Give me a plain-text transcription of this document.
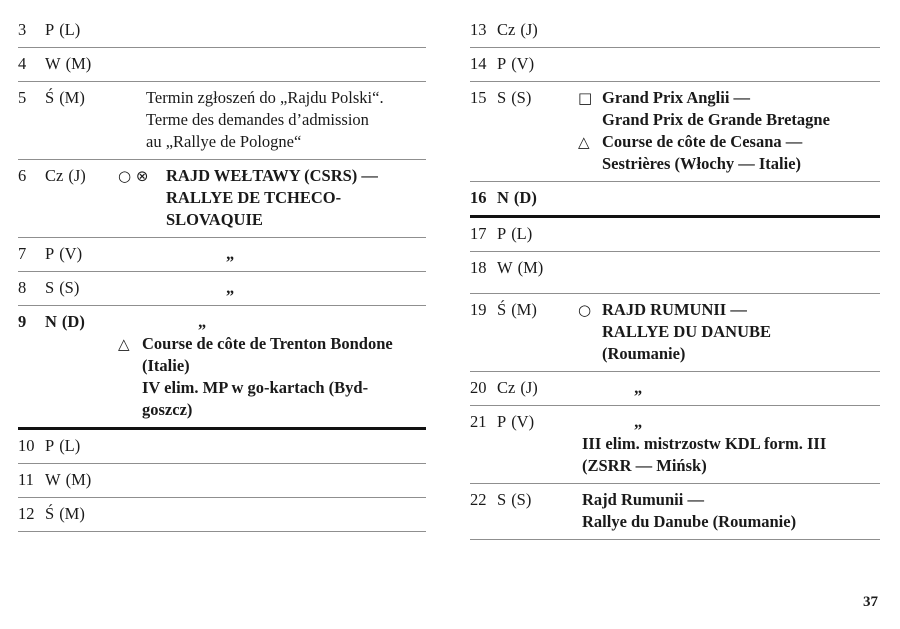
3 P (L)
4 W (M)
5 Ś (M)	Termin zgłoszeń do „Rajdu Polski“.
Terme des demandes d’admission
au „Rallye de Pologne“
6 Cz (J) ○ ⊗	RAJD WEŁTAWY (CSRS) —
RALLYE DE TCHECO-
SLOVAQUIE
7 P (V)	„
8 S (S)	„
9 N (D)	„
△ Course de côte de Trenton Bondone
(Italie)
IV elim. MP w go-kartach (Byd-
goszcz)
10 P (L)
11 W (M)
12 Ś (M)
13 Cz (J)
14 P (V)
15 S (S)	□ Grand Prix Anglii —
Grand Prix de Grande Bretagne
△ Course de côte de Cesana —
Sestrières (Włochy — Italie)
16 N (D)
17 P (L)
18 W (M)
19 Ś (M)	○ RAJD RUMUNII —
RALLYE DU DANUBE
(Roumanie)
20 Cz (J)	„
21 P (V)	„
III elim. mistrzostw KDL form. III
(ZSRR — Mińsk)
22 S (S)	Rajd Rumunii —
Rallye du Danube (Roumanie)
37
